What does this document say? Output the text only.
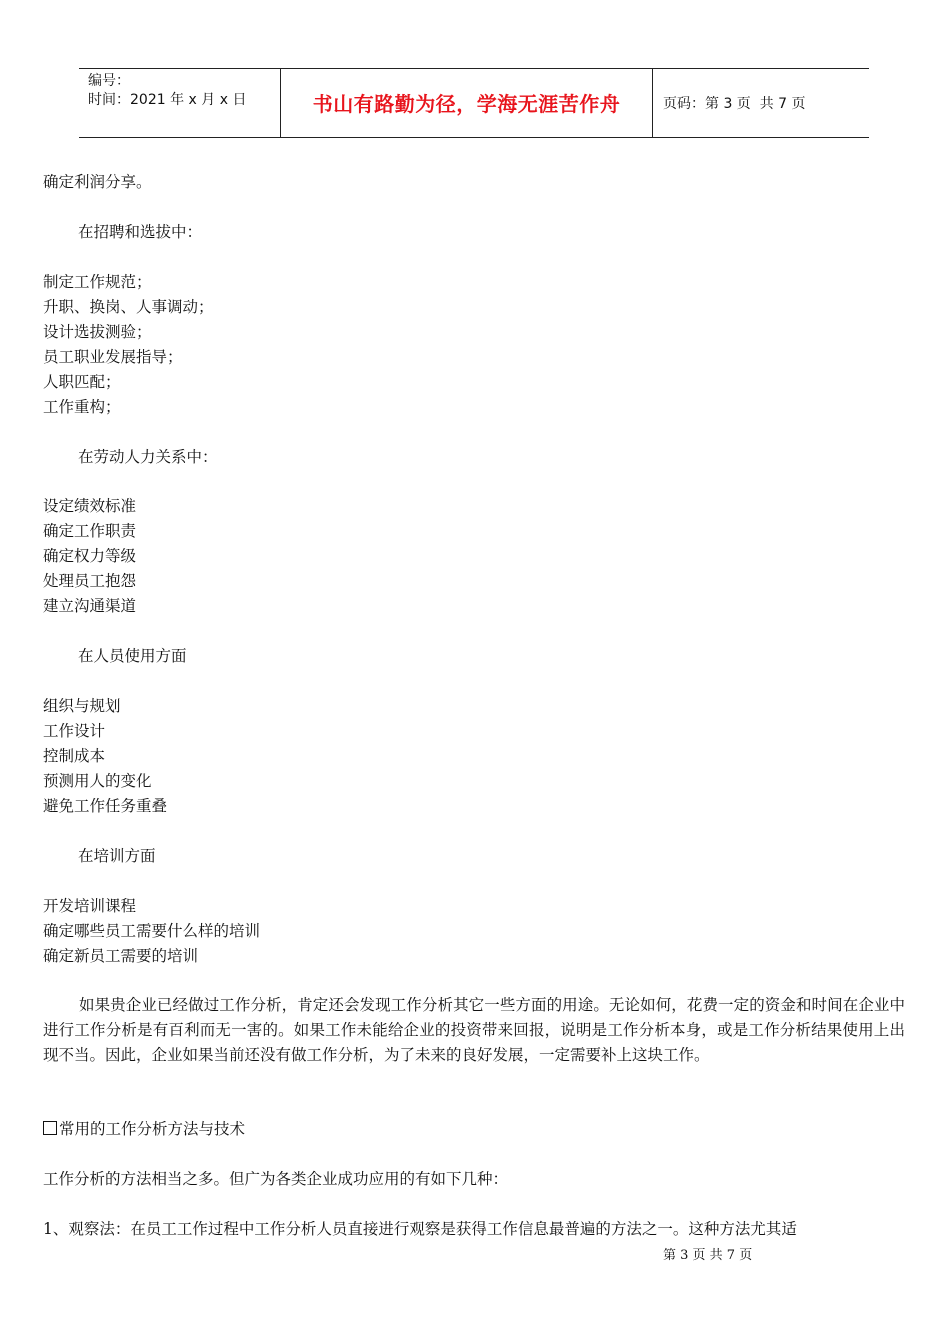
编号：
时间：2021 年 x 月 x 日	书山有路勤为径，学海无涯苦作舟	页码：第 3 页  共 7 页
确定利润分享。
在招聘和选拔中：
制定工作规范；
升职、换岗、人事调动；
设计选拔测验；
员工职业发展指导；
人职匹配；
工作重构；
在劳动人力关系中：
设定绩效标准
确定工作职责
确定权力等级
处理员工抱怨
建立沟通渠道
在人员使用方面
组织与规划
工作设计
控制成本
预测用人的变化
避免工作任务重叠
在培训方面
开发培训课程
确定哪些员工需要什么样的培训
确定新员工需要的培训
如果贵企业已经做过工作分析，肯定还会发现工作分析其它一些方面的用途。无论如何，花费一定的资金和时间在企业中进行工作分析是有百利而无一害的。如果工作未能给企业的投资带来回报，说明是工作分析本身，或是工作分析结果使用上出现不当。因此，企业如果当前还没有做工作分析，为了未来的良好发展，一定需要补上这块工作。
常用的工作分析方法与技术
工作分析的方法相当之多。但广为各类企业成功应用的有如下几种：
1、观察法：在员工工作过程中工作分析人员直接进行观察是获得工作信息最普遍的方法之一。这种方法尤其适
第 3 页 共 7 页
